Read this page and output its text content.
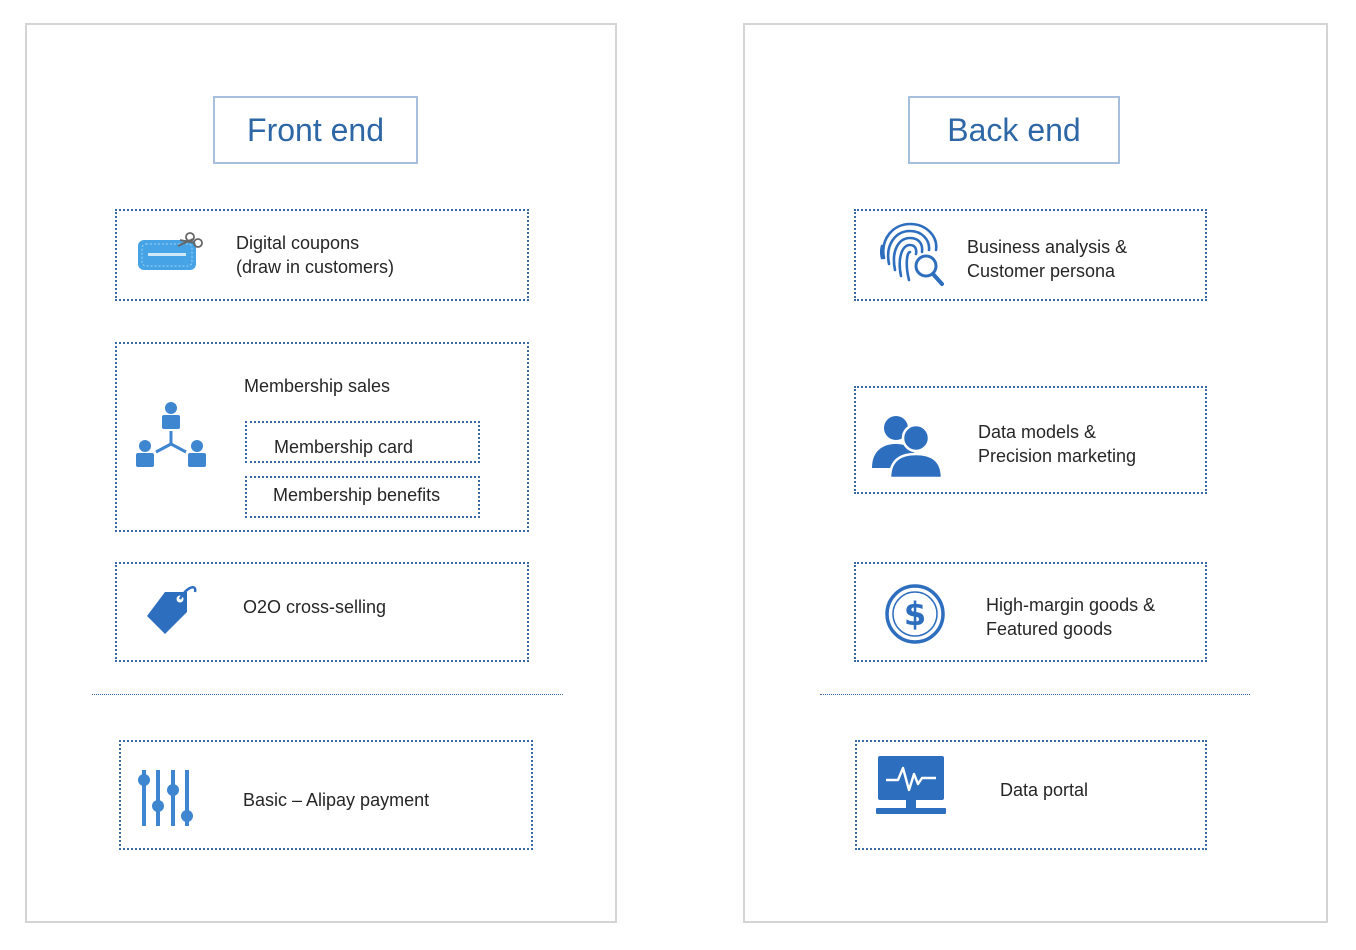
Front end
Digital coupons
(draw in customers)
Membership sales
Membership card
Membership benefits
O2O cross-selling
Basic – Alipay payment
Back end
Business analysis &
Customer persona
Data models &
Precision marketing
$	High-margin goods &
Featured goods
Data portal
